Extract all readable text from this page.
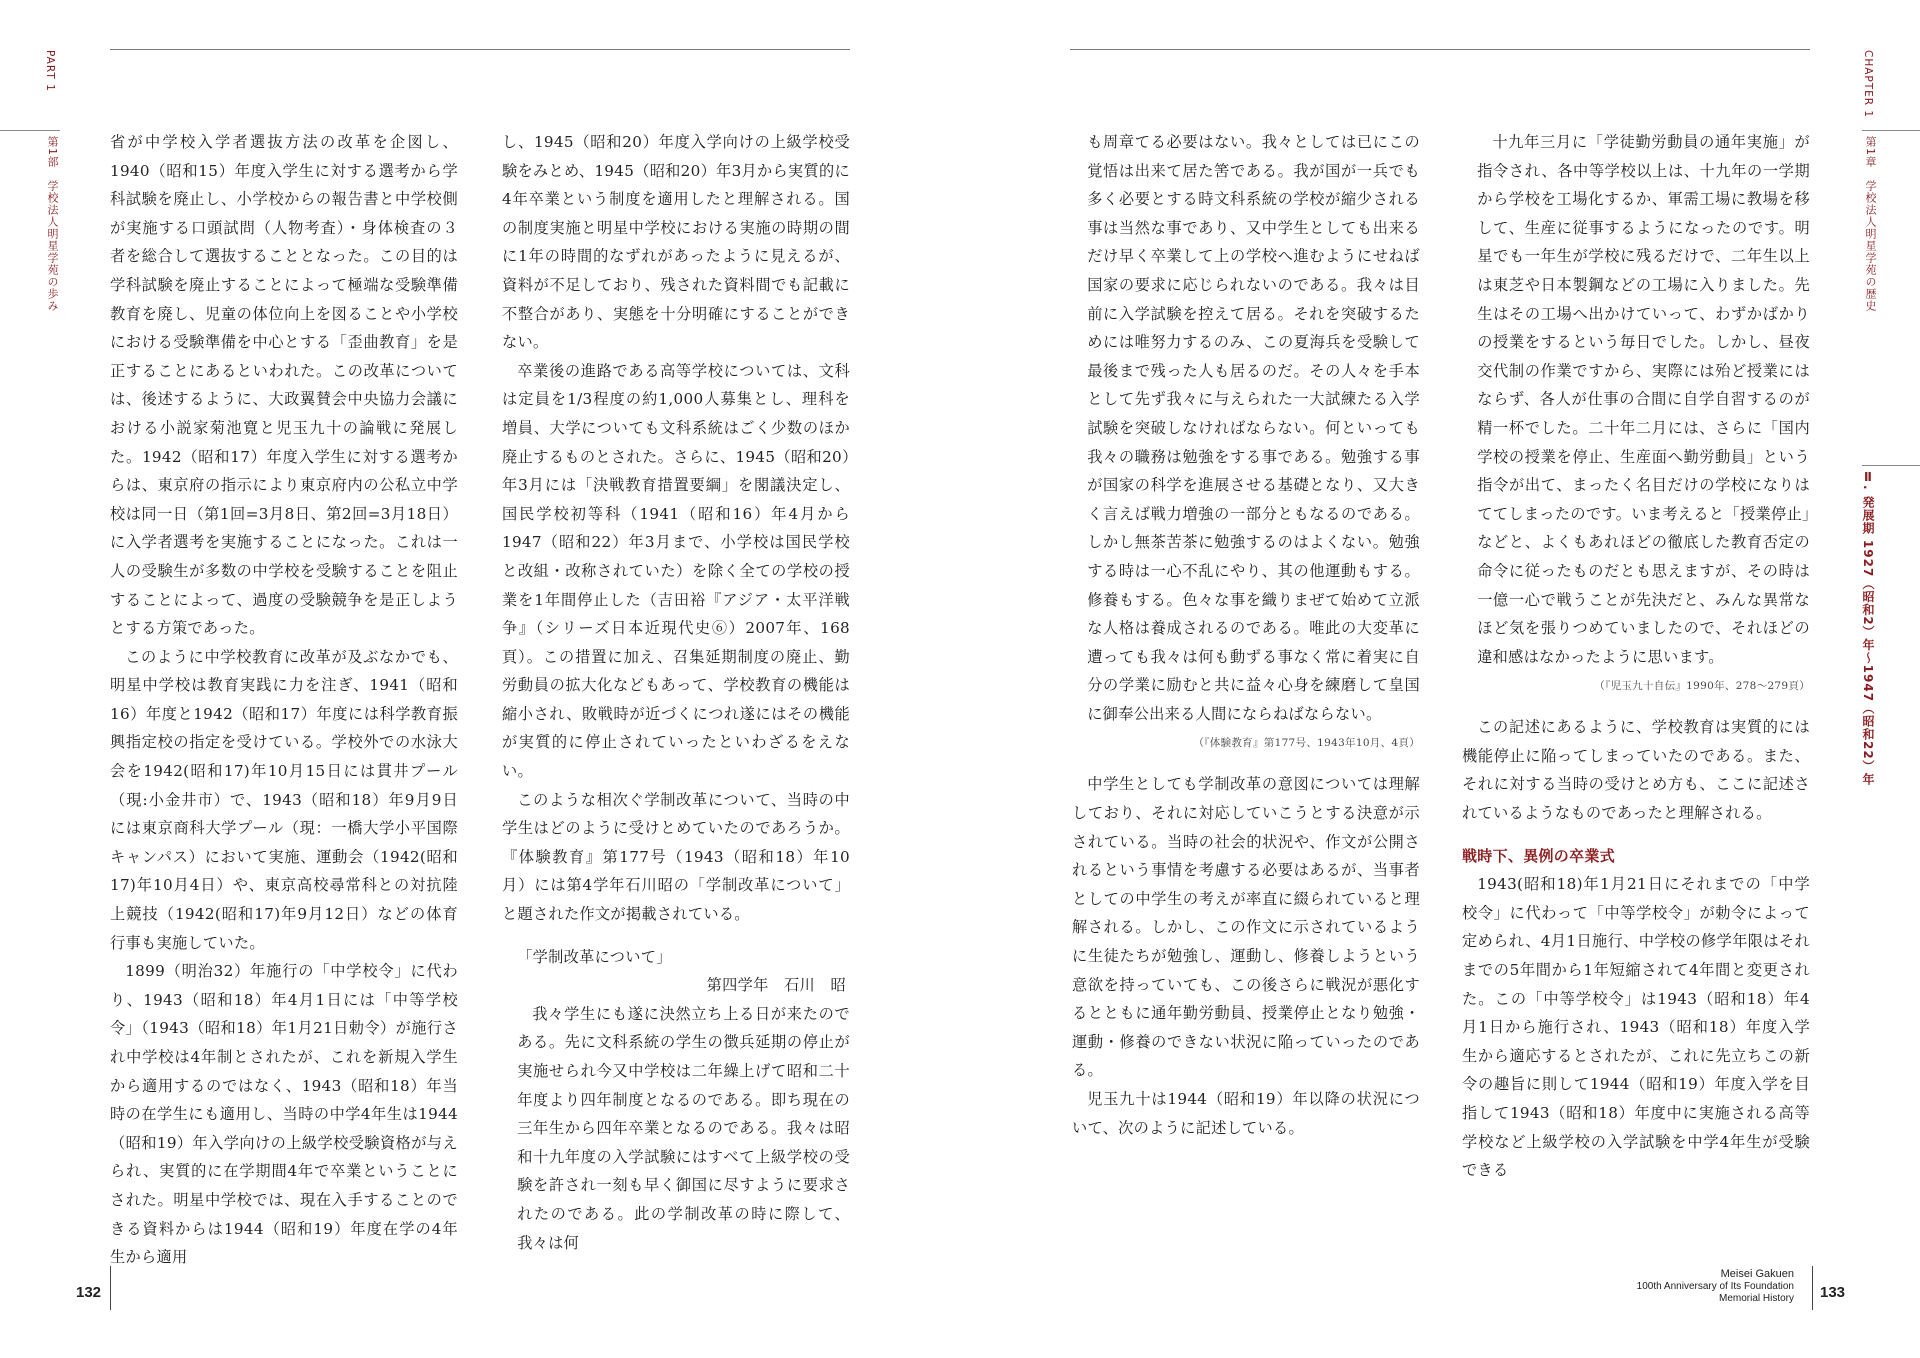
PART 1
第1部　学校法人明星学苑の歩み
CHAPTER 1
第1章　学校法人明星学苑の歴史
Ⅱ. 発展期 1927（昭和2）年〜1947（昭和22）年

省が中学校入学者選抜方法の改革を企図し、1940（昭和15）年度入学生に対する選考から学科試験を廃止し、小学校からの報告書と中学校側が実施する口頭試問（人物考査）・身体検査の３者を総合して選抜することとなった。この目的は学科試験を廃止することによって極端な受験準備教育を廃し、児童の体位向上を図ることや小学校における受験準備を中心とする「歪曲教育」を是正することにあるといわれた。この改革については、後述するように、大政翼賛会中央協力会議における小説家菊池寛と児玉九十の論戦に発展した。1942（昭和17）年度入学生に対する選考からは、東京府の指示により東京府内の公私立中学校は同一日（第1回=3月8日、第2回=3月18日）に入学者選考を実施することになった。これは一人の受験生が多数の中学校を受験することを阻止することによって、過度の受験競争を是正しようとする方策であった。

このように中学校教育に改革が及ぶなかでも、明星中学校は教育実践に力を注ぎ、1941（昭和16）年度と1942（昭和17）年度には科学教育振興指定校の指定を受けている。学校外での水泳大会を1942(昭和17)年10月15日には貫井プール（現:小金井市）で、1943（昭和18）年9月9日には東京商科大学プール（現：一橋大学小平国際キャンパス）において実施、運動会（1942(昭和17)年10月4日）や、東京高校尋常科との対抗陸上競技（1942(昭和17)年9月12日）などの体育行事も実施していた。

1899（明治32）年施行の「中学校令」に代わり、1943（昭和18）年4月1日には「中等学校令」（1943（昭和18）年1月21日勅令）が施行され中学校は4年制とされたが、これを新規入学生から適用するのではなく、1943（昭和18）年当時の在学生にも適用し、当時の中学4年生は1944（昭和19）年入学向けの上級学校受験資格が与えられ、実質的に在学期間4年で卒業ということにされた。明星中学校では、現在入手することのできる資料からは1944（昭和19）年度在学の4年生から適用

し、1945（昭和20）年度入学向けの上級学校受験をみとめ、1945（昭和20）年3月から実質的に4年卒業という制度を適用したと理解される。国の制度実施と明星中学校における実施の時期の間に1年の時間的なずれがあったように見えるが、資料が不足しており、残された資料間でも記載に不整合があり、実態を十分明確にすることができない。

卒業後の進路である高等学校については、文科は定員を1/3程度の約1,000人募集とし、理科を増員、大学についても文科系統はごく少数のほか廃止するものとされた。さらに、1945（昭和20）年3月には「決戦教育措置要綱」を閣議決定し、国民学校初等科（1941（昭和16）年4月から1947（昭和22）年3月まで、小学校は国民学校と改組・改称されていた）を除く全ての学校の授業を1年間停止した（吉田裕『アジア・太平洋戦争』（シリーズ日本近現代史⑥）2007年、168頁）。この措置に加え、召集延期制度の廃止、勤労動員の拡大化などもあって、学校教育の機能は縮小され、敗戦時が近づくにつれ遂にはその機能が実質的に停止されていったといわざるをえない。

このような相次ぐ学制改革について、当時の中学生はどのように受けとめていたのであろうか。『体験教育』第177号（1943（昭和18）年10月）には第4学年石川昭の「学制改革について」と題された作文が掲載されている。

「学制改革について」

第四学年　石川　昭

我々学生にも遂に決然立ち上る日が来たのである。先に文科系統の学生の徴兵延期の停止が実施せられ今又中学校は二年繰上げて昭和二十年度より四年制度となるのである。即ち現在の三年生から四年卒業となるのである。我々は昭和十九年度の入学試験にはすべて上級学校の受験を許され一刻も早く御国に尽すように要求されたのである。此の学制改革の時に際して、我々は何

も周章てる必要はない。我々としては已にこの覚悟は出来て居た筈である。我が国が一兵でも多く必要とする時文科系統の学校が縮少される事は当然な事であり、又中学生としても出来るだけ早く卒業して上の学校へ進むようにせねば国家の要求に応じられないのである。我々は目前に入学試験を控えて居る。それを突破するためには唯努力するのみ、この夏海兵を受験して最後まで残った人も居るのだ。その人々を手本として先ず我々に与えられた一大試練たる入学試験を突破しなければならない。何といっても我々の職務は勉強をする事である。勉強する事が国家の科学を進展させる基礎となり、又大きく言えば戦力増強の一部分ともなるのである。しかし無茶苦茶に勉強するのはよくない。勉強する時は一心不乱にやり、其の他運動もする。修養もする。色々な事を織りまぜて始めて立派な人格は養成されるのである。唯此の大変革に遭っても我々は何も動ずる事なく常に着実に自分の学業に励むと共に益々心身を練磨して皇国に御奉公出来る人間にならねばならない。

（『体験教育』第177号、1943年10月、4頁）

中学生としても学制改革の意図については理解しており、それに対応していこうとする決意が示されている。当時の社会的状況や、作文が公開されるという事情を考慮する必要はあるが、当事者としての中学生の考えが率直に綴られていると理解される。しかし、この作文に示されているように生徒たちが勉強し、運動し、修養しようという意欲を持っていても、この後さらに戦況が悪化するとともに通年勤労動員、授業停止となり勉強・運動・修養のできない状況に陥っていったのである。

児玉九十は1944（昭和19）年以降の状況について、次のように記述している。

十九年三月に「学徒勤労動員の通年実施」が指令され、各中等学校以上は、十九年の一学期から学校を工場化するか、軍需工場に教場を移して、生産に従事するようになったのです。明星でも一年生が学校に残るだけで、二年生以上は東芝や日本製鋼などの工場に入りました。先生はその工場へ出かけていって、わずかばかりの授業をするという毎日でした。しかし、昼夜交代制の作業ですから、実際には殆ど授業にはならず、各人が仕事の合間に自学自習するのが精一杯でした。二十年二月には、さらに「国内学校の授業を停止、生産面へ勤労動員」という指令が出て、まったく名目だけの学校になりはててしまったのです。いま考えると「授業停止」などと、よくもあれほどの徹底した教育否定の命令に従ったものだとも思えますが、その時は一億一心で戦うことが先決だと、みんな異常なほど気を張りつめていましたので、それほどの違和感はなかったように思います。

（『児玉九十自伝』1990年、278〜279頁）

この記述にあるように、学校教育は実質的には機能停止に陥ってしまっていたのである。また、それに対する当時の受けとめ方も、ここに記述されているようなものであったと理解される。

戦時下、異例の卒業式

1943(昭和18)年1月21日にそれまでの「中学校令」に代わって「中等学校令」が勅令によって定められ、4月1日施行、中学校の修学年限はそれまでの5年間から1年短縮されて4年間と変更された。この「中等学校令」は1943（昭和18）年4月1日から施行され、1943（昭和18）年度入学生から適応するとされたが、これに先立ちこの新令の趣旨に則して1944（昭和19）年度入学を目指して1943（昭和18）年度中に実施される高等学校など上級学校の入学試験を中学4年生が受験できる

132
Meisei Gakuen
100th Anniversary of Its Foundation
Memorial History 133
